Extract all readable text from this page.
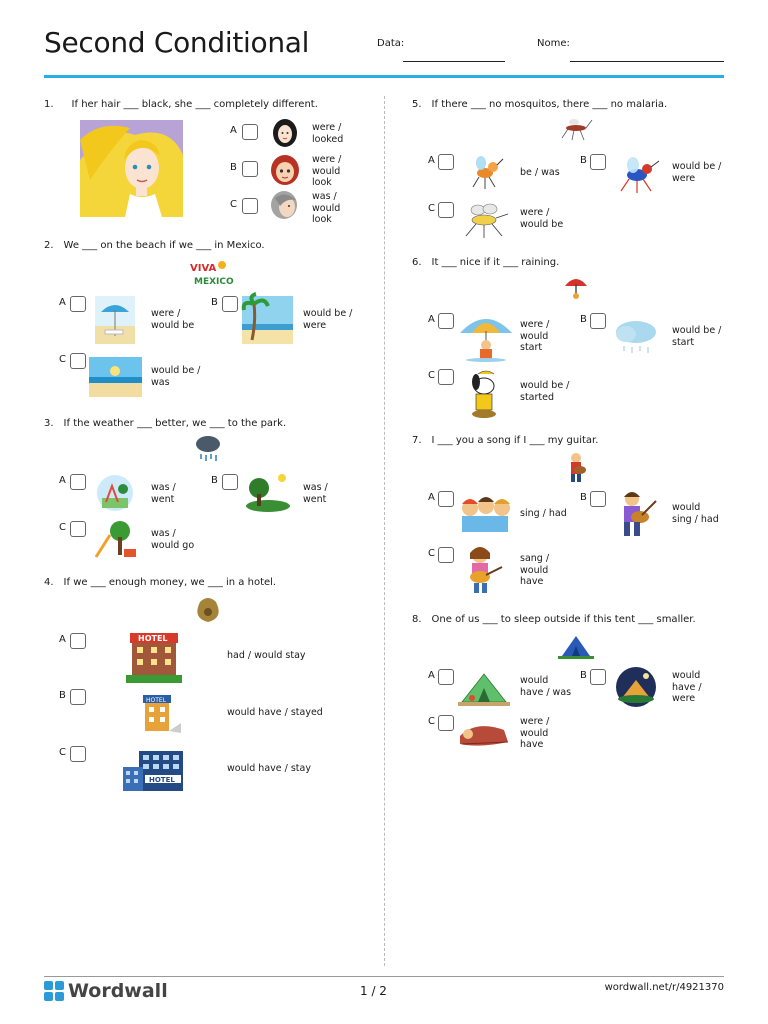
Second Conditional	Data:	Nome:
1. If her hair ___ black, she ___ completely different.
A	were /
looked
B
were /
would
look
C
was /
would
look
2. We ___ on the beach if we ___ in Mexico.
VIVA
MEXICO
A
were /
would be
B
would be /
were
C
would be /
was
3. If the weather ___ better, we ___ to the park.
A
was /
went
B
was /
went
C
was /
would go
4. If we ___ enough money, we ___ in a hotel.
A	HOTEL
had / would stay
B	HOTEL
would have / stayed
C
HOTEL
would have / stay
5. If there ___ no mosquitos, there ___ no malaria.
A
be / was
B
would be /
were
C	were /
would be
6. It ___ nice if it ___ raining.
A	were /
would
start
B
would be /
start
C
would be /
started
7. I ___ you a song if I ___ my guitar.
A
sing / had
B
would
sing / had
C	sang /
would
have
8. One of us ___ to sleep outside if this tent ___ smaller.
A	would
have / was
B	would
have /
were
C	were /
would
have
Wordwall	1 / 2	wordwall.net/r/4921370
